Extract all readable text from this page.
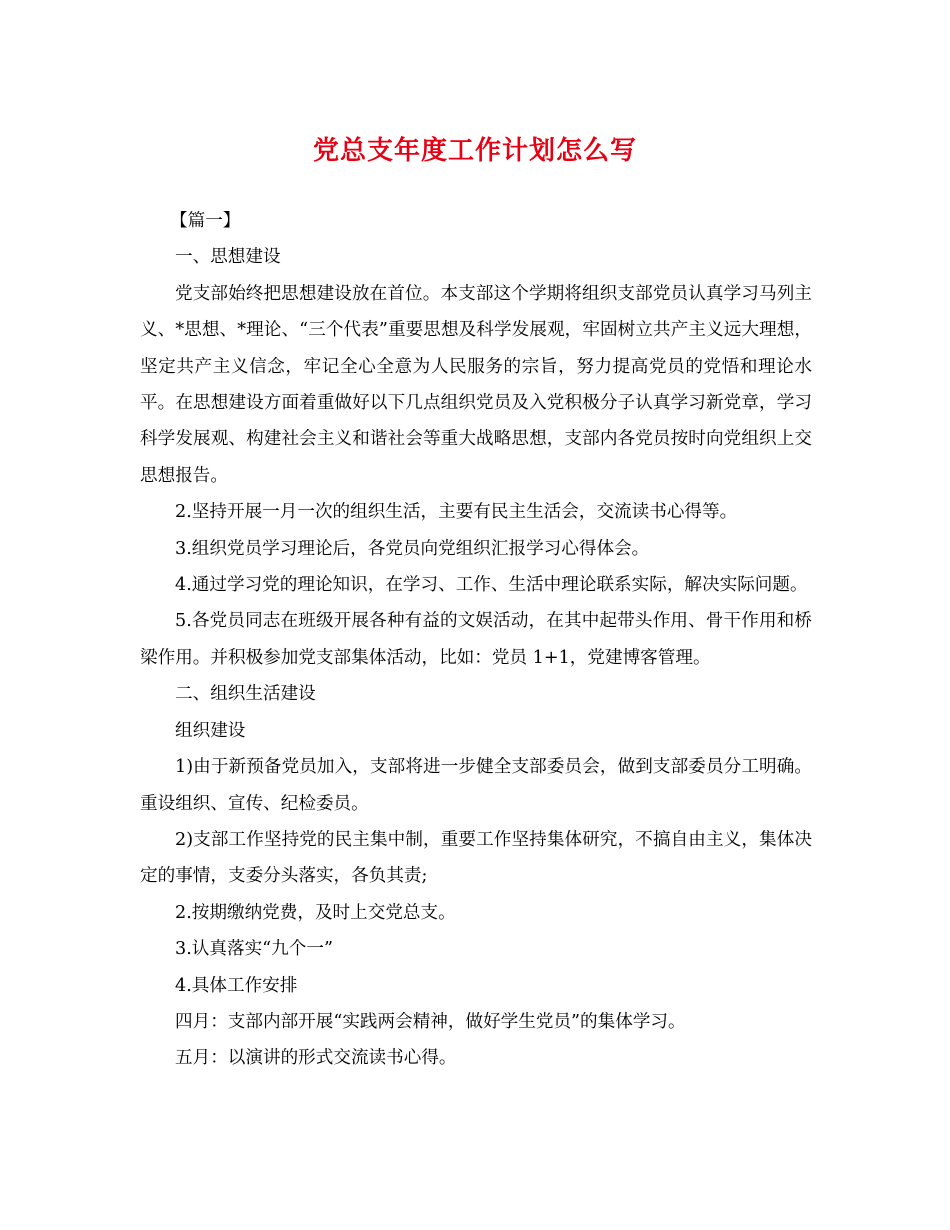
党总支年度工作计划怎么写

【篇一】

一、思想建设

党支部始终把思想建设放在首位。本支部这个学期将组织支部党员认真学习马列主义、*思想、*理论、“三个代表”重要思想及科学发展观，牢固树立共产主义远大理想，坚定共产主义信念，牢记全心全意为人民服务的宗旨，努力提高党员的党悟和理论水平。在思想建设方面着重做好以下几点组织党员及入党积极分子认真学习新党章，学习科学发展观、构建社会主义和谐社会等重大战略思想，支部内各党员按时向党组织上交思想报告。

2.坚持开展一月一次的组织生活，主要有民主生活会，交流读书心得等。

3.组织党员学习理论后，各党员向党组织汇报学习心得体会。

4.通过学习党的理论知识，在学习、工作、生活中理论联系实际，解决实际问题。

5.各党员同志在班级开展各种有益的文娱活动，在其中起带头作用、骨干作用和桥梁作用。并积极参加党支部集体活动，比如：党员 1+1，党建博客管理。

二、组织生活建设

组织建设

1)由于新预备党员加入，支部将进一步健全支部委员会，做到支部委员分工明确。重设组织、宣传、纪检委员。

2)支部工作坚持党的民主集中制，重要工作坚持集体研究，不搞自由主义，集体决定的事情，支委分头落实，各负其责;

2.按期缴纳党费，及时上交党总支。

3.认真落实“九个一”

4.具体工作安排

四月：支部内部开展“实践两会精神，做好学生党员”的集体学习。

五月：以演讲的形式交流读书心得。
